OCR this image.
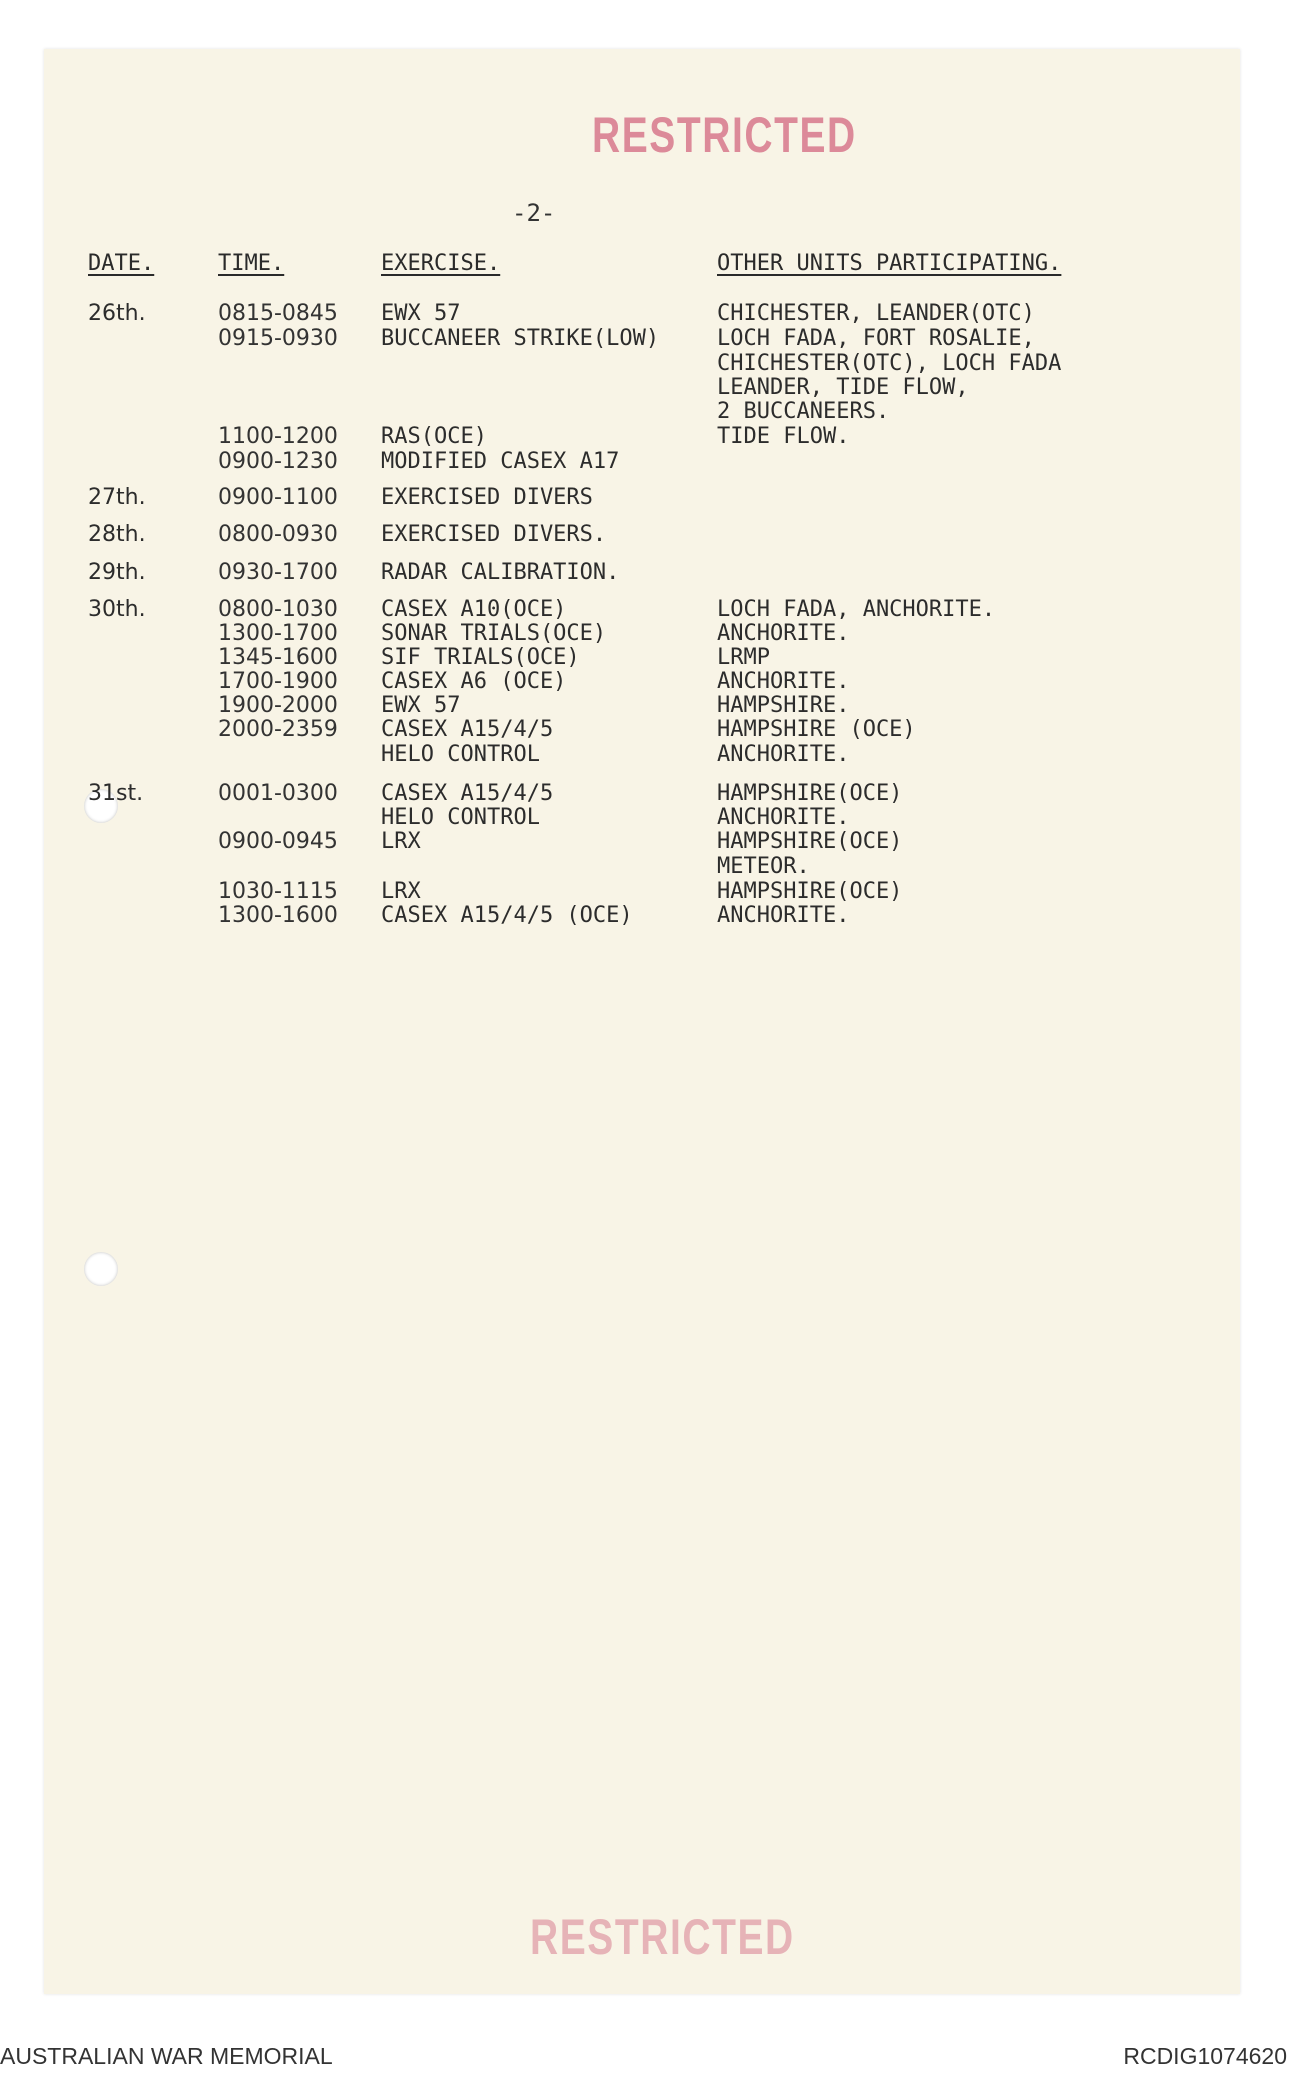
RESTRICTED
-2-
DATE.	TIME.	EXERCISE.	OTHER UNITS PARTICIPATING.
26th.	0815-0845 EWX 57	CHICHESTER, LEANDER(OTC)
0915-0930 BUCCANEER STRIKE(LOW)	LOCH FADA, FORT ROSALIE,
CHICHESTER(OTC), LOCH FADA
LEANDER, TIDE FLOW,
2 BUCCANEERS.
1100-1200 RAS(OCE)	TIDE FLOW.
0900-1230 MODIFIED CASEX A17
27th.	0900-1100 EXERCISED DIVERS
28th.	0800-0930 EXERCISED DIVERS.
29th.	0930-1700 RADAR CALIBRATION.
30th.	0800-1030 CASEX A10(OCE)	LOCH FADA, ANCHORITE.
1300-1700 SONAR TRIALS(OCE)	ANCHORITE.
1345-1600 SIF TRIALS(OCE)	LRMP
1700-1900 CASEX A6 (OCE)	ANCHORITE.
1900-2000 EWX 57	HAMPSHIRE.
2000-2359 CASEX A15/4/5	HAMPSHIRE (OCE)
HELO CONTROL	ANCHORITE.
31st.	0001-0300 CASEX A15/4/5	HAMPSHIRE(OCE)
HELO CONTROL	ANCHORITE.
0900-0945 LRX	HAMPSHIRE(OCE)
METEOR.
1030-1115 LRX	HAMPSHIRE(OCE)
1300-1600 CASEX A15/4/5 (OCE)	ANCHORITE.
RESTRICTED
AUSTRALIAN WAR MEMORIAL	RCDIG1074620
